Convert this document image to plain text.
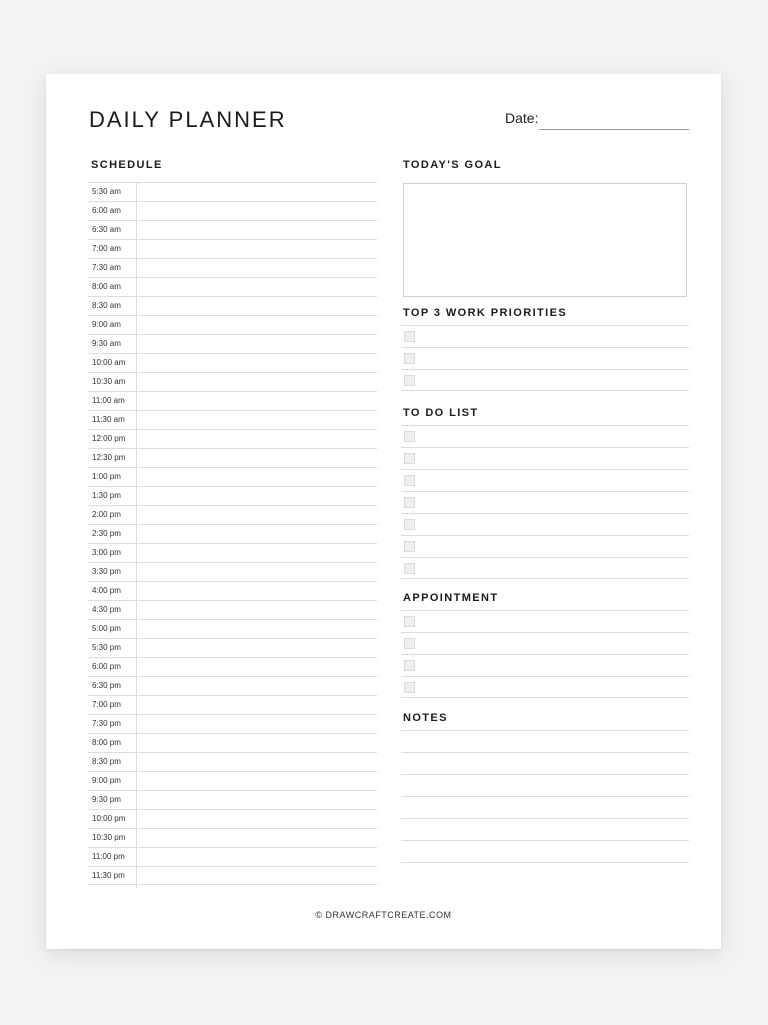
DAILY PLANNER	Date:
SCHEDULE
5:30 am
6:00 am
6:30 am
7:00 am
7:30 am
8:00 am
8:30 am
9:00 am
9:30 am
10:00 am
10:30 am
11:00 am
11:30 am
12:00 pm
12:30 pm
1:00 pm
1:30 pm
2:00 pm
2:30 pm
3:00 pm
3:30 pm
4:00 pm
4:30 pm
5:00 pm
5:30 pm
6:00 pm
6:30 pm
7:00 pm
7:30 pm
8:00 pm
8:30 pm
9:00 pm
9:30 pm
10:00 pm
10:30 pm
11:00 pm
11:30 pm
TODAY'S GOAL
TOP 3 WORK PRIORITIES
TO DO LIST
APPOINTMENT
NOTES
© DRAWCRAFTCREATE.COM
